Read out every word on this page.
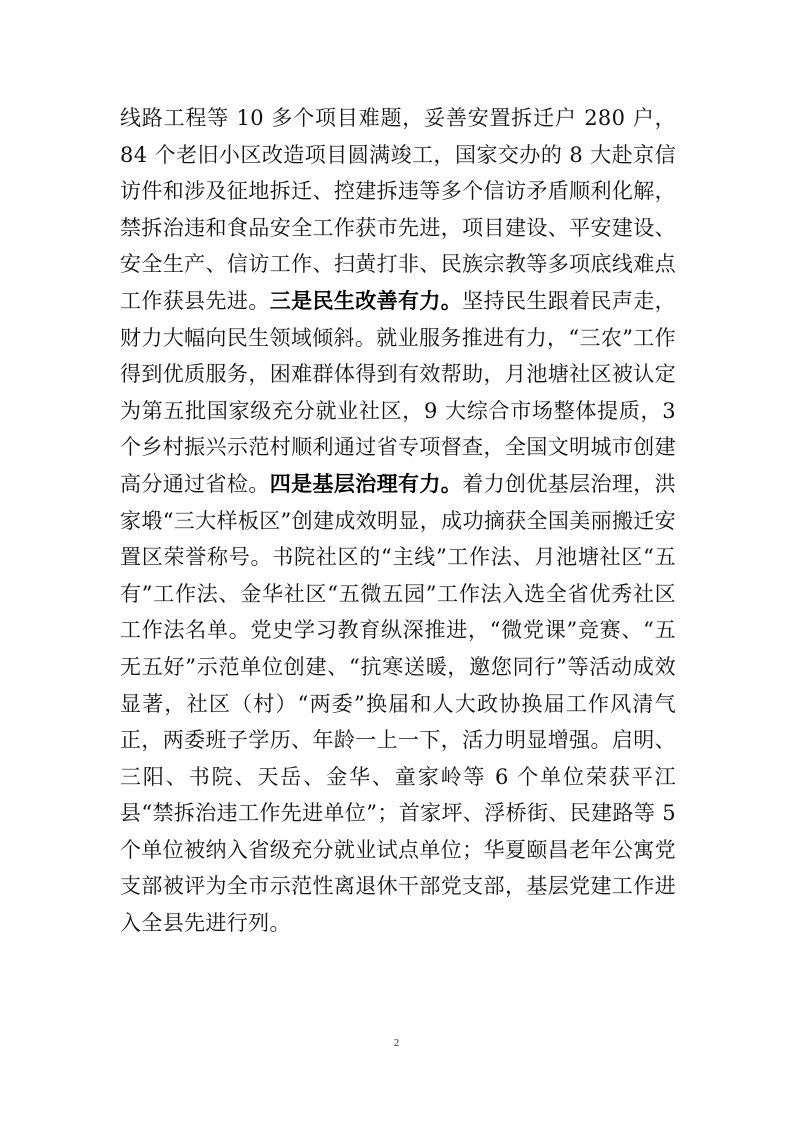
线路工程等 10 多个项目难题，妥善安置拆迁户 280 户，84 个老旧小区改造项目圆满竣工，国家交办的 8 大赴京信访件和涉及征地拆迁、控建拆违等多个信访矛盾顺利化解，禁拆治违和食品安全工作获市先进，项目建设、平安建设、安全生产、信访工作、扫黄打非、民族宗教等多项底线难点工作获县先进。三是民生改善有力。坚持民生跟着民声走，财力大幅向民生领域倾斜。就业服务推进有力，“三农”工作得到优质服务，困难群体得到有效帮助，月池塘社区被认定为第五批国家级充分就业社区，9 大综合市场整体提质，3 个乡村振兴示范村顺利通过省专项督查，全国文明城市创建高分通过省检。四是基层治理有力。着力创优基层治理，洪家塅“三大样板区”创建成效明显，成功摘获全国美丽搬迁安置区荣誉称号。书院社区的“主线”工作法、月池塘社区“五有”工作法、金华社区“五微五园”工作法入选全省优秀社区工作法名单。党史学习教育纵深推进，“微党课”竞赛、“五无五好”示范单位创建、“抗寒送暖，邀您同行”等活动成效显著，社区（村）“两委”换届和人大政协换届工作风清气正，两委班子学历、年龄一上一下，活力明显增强。启明、三阳、书院、天岳、金华、童家岭等 6 个单位荣获平江县“禁拆治违工作先进单位”；首家坪、浮桥街、民建路等 5 个单位被纳入省级充分就业试点单位；华夏颐昌老年公寓党支部被评为全市示范性离退休干部党支部，基层党建工作进入全县先进行列。

2
